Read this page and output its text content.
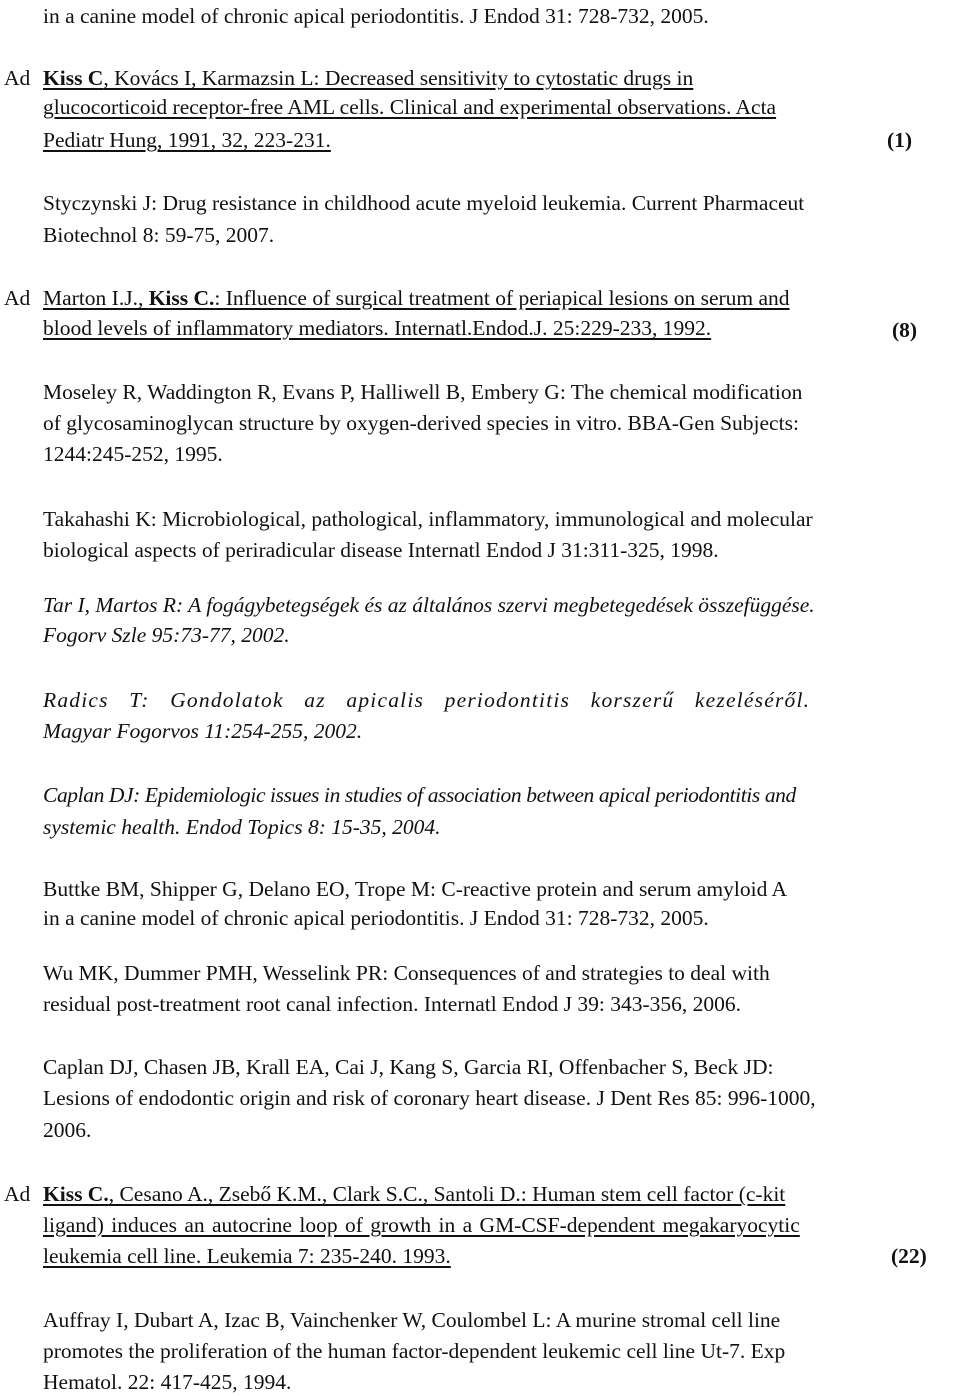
in a canine model of chronic apical periodontitis. J Endod 31: 728-732, 2005.
Ad Kiss C, Kovács I, Karmazsin L: Decreased sensitivity to cytostatic drugs in
glucocorticoid receptor-free AML cells. Clinical and experimental observations. Acta
Pediatr Hung, 1991, 32, 223-231.	(1)
Styczynski J: Drug resistance in childhood acute myeloid leukemia. Current Pharmaceut
Biotechnol 8: 59-75, 2007.
Ad Marton I.J., Kiss C.: Influence of surgical treatment of periapical lesions on serum and
blood levels of inflammatory mediators. Internatl.Endod.J. 25:229-233, 1992.	(8)
Moseley R, Waddington R, Evans P, Halliwell B, Embery G: The chemical modification
of glycosaminoglycan structure by oxygen-derived species in vitro. BBA-Gen Subjects:
1244:245-252, 1995.
Takahashi K: Microbiological, pathological, inflammatory, immunological and molecular
biological aspects of periradicular disease Internatl Endod J 31:311-325, 1998.
Tar I, Martos R: A fogágybetegségek és az általános szervi megbetegedések összefüggése.
Fogorv Szle 95:73-77, 2002.
Radics T: Gondolatok az apicalis periodontitis korszerű kezeléséről.
Magyar Fogorvos 11:254-255, 2002.
Caplan DJ: Epidemiologic issues in studies of association between apical periodontitis and
systemic health. Endod Topics 8: 15-35, 2004.
Buttke BM, Shipper G, Delano EO, Trope M: C-reactive protein and serum amyloid A
in a canine model of chronic apical periodontitis. J Endod 31: 728-732, 2005.
Wu MK, Dummer PMH, Wesselink PR: Consequences of and strategies to deal with
residual post-treatment root canal infection. Internatl Endod J 39: 343-356, 2006.
Caplan DJ, Chasen JB, Krall EA, Cai J, Kang S, Garcia RI, Offenbacher S, Beck JD:
Lesions of endodontic origin and risk of coronary heart disease. J Dent Res 85: 996-1000,
2006.
Ad Kiss C., Cesano A., Zsebő K.M., Clark S.C., Santoli D.: Human stem cell factor (c-kit
ligand) induces an autocrine loop of growth in a GM-CSF-dependent megakaryocytic
leukemia cell line. Leukemia 7: 235-240. 1993.	(22)
Auffray I, Dubart A, Izac B, Vainchenker W, Coulombel L: A murine stromal cell line
promotes the proliferation of the human factor-dependent leukemic cell line Ut-7. Exp
Hematol. 22: 417-425, 1994.
